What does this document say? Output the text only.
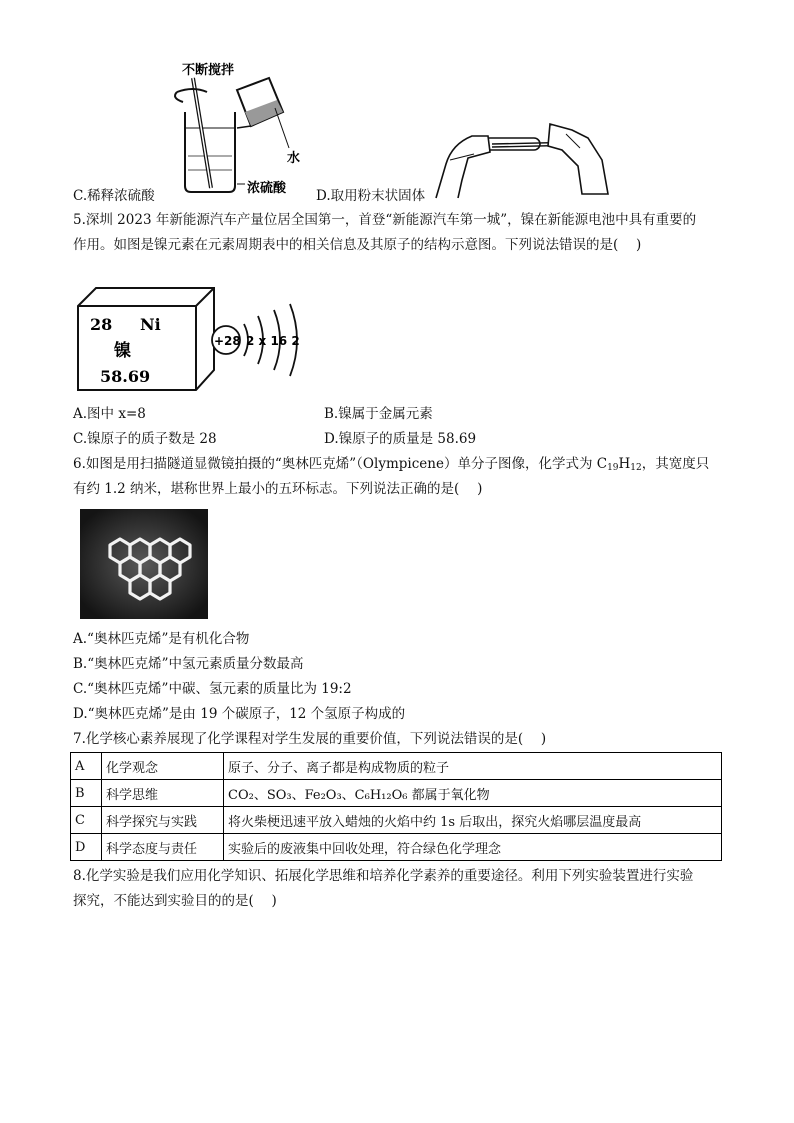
不断搅拌
水
浓硫酸
C.稀释浓硫酸	D.取用粉末状固体
5.深圳 2023 年新能源汽车产量位居全国第一，首登“新能源汽车第一城”，镍在新能源电池中具有重要的
作用。如图是镍元素在元素周期表中的相关信息及其原子的结构示意图。下列说法错误的是(　 )
28 Ni
镍
58.69
+28 2 x 16 2
A.图中 x=8	B.镍属于金属元素
C.镍原子的质子数是 28	D.镍原子的质量是 58.69
6.如图是用扫描隧道显微镜拍摄的“奥林匹克烯”（Olympicene）单分子图像，化学式为 $C_{19}H_{12}$，其宽度只
有约 1.2 纳米，堪称世界上最小的五环标志。下列说法正确的是(　 )
A.“奥林匹克烯”是有机化合物
B.“奥林匹克烯”中氢元素质量分数最高
C.“奥林匹克烯”中碳、氢元素的质量比为 19:2
D.“奥林匹克烯”是由 19 个碳原子，12 个氢原子构成的
7.化学核心素养展现了化学课程对学生发展的重要价值，下列说法错误的是(　 )
A	化学观念	原子、分子、离子都是构成物质的粒子
B	科学思维	CO₂、SO₃、Fe₂O₃、C₆H₁₂O₆ 都属于氧化物
C	科学探究与实践	将火柴梗迅速平放入蜡烛的火焰中约 1s 后取出，探究火焰哪层温度最高
D	科学态度与责任	实验后的废液集中回收处理，符合绿色化学理念
8.化学实验是我们应用化学知识、拓展化学思维和培养化学素养的重要途径。利用下列实验装置进行实验
探究，不能达到实验目的的是(　 )
